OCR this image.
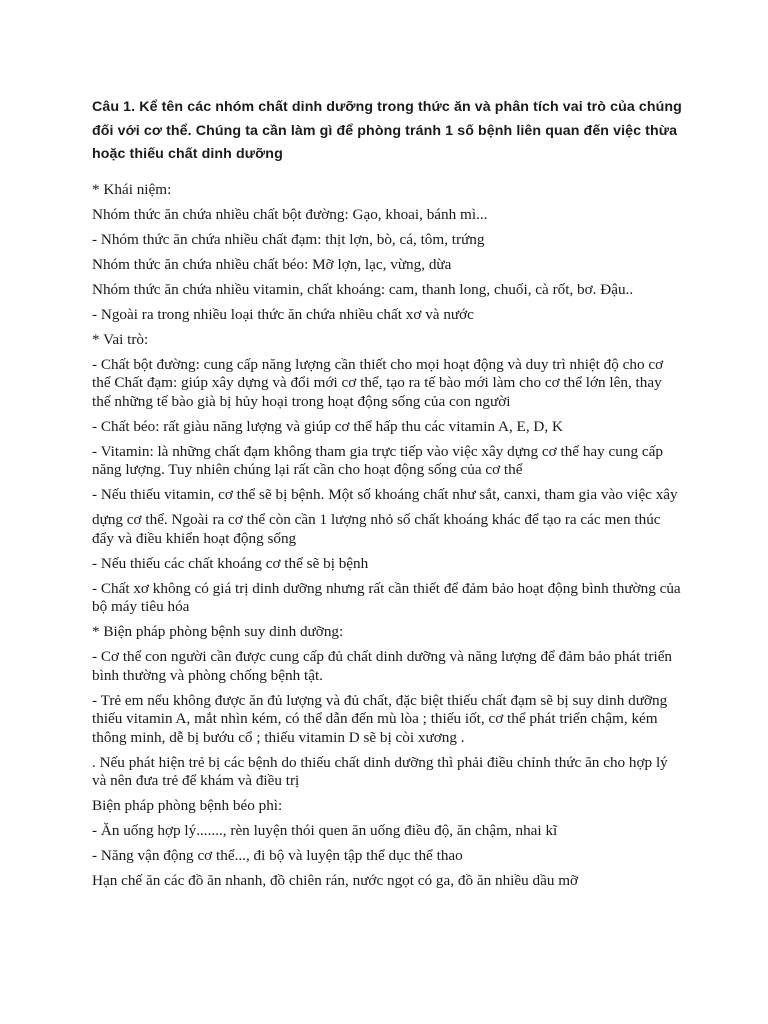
Câu 1. Kể tên các nhóm chất dinh dưỡng trong thức ăn và phân tích vai trò của chúng đối với cơ thể. Chúng ta cần làm gì để phòng tránh 1 số bệnh liên quan đến việc thừa hoặc thiếu chất dinh dưỡng

* Khái niệm:

Nhóm thức ăn chứa nhiều chất bột đường: Gạo, khoai, bánh mì...

- Nhóm thức ăn chứa nhiều chất đạm: thịt lợn, bò, cá, tôm, trứng

Nhóm thức ăn chứa nhiều chất béo: Mỡ lợn, lạc, vừng, dừa

Nhóm thức ăn chứa nhiều vitamin, chất khoáng: cam, thanh long, chuối, cà rốt, bơ. Đậu..

- Ngoài ra trong nhiều loại thức ăn chứa nhiều chất xơ và nước

* Vai trò:

- Chất bột đường: cung cấp năng lượng cần thiết cho mọi hoạt động và duy trì nhiệt độ cho cơ thể Chất đạm: giúp xây dựng và đổi mới cơ thể, tạo ra tế bào mới làm cho cơ thể lớn lên, thay thế những tế bào già bị hủy hoại trong hoạt động sống của con người

- Chất béo: rất giàu năng lượng và giúp cơ thể hấp thu các vitamin A, E, D, K

- Vitamin: là những chất đạm không tham gia trực tiếp vào việc xây dựng cơ thể hay cung cấp năng lượng. Tuy nhiên chúng lại rất cần cho hoạt động sống của cơ thể

- Nếu thiếu vitamin, cơ thể sẽ bị bệnh. Một số khoáng chất như sắt, canxi, tham gia vào việc xây

dựng cơ thể. Ngoài ra cơ thể còn cần 1 lượng nhỏ số chất khoáng khác để tạo ra các men thúc đẩy và điều khiển hoạt động sống

- Nếu thiếu các chất khoáng cơ thể sẽ bị bệnh

- Chất xơ không có giá trị dinh dưỡng nhưng rất cần thiết để đảm bảo hoạt động bình thường của bộ máy tiêu hóa

* Biện pháp phòng bệnh suy dinh dưỡng:

- Cơ thể con người cần được cung cấp đủ chất dinh dưỡng và năng lượng để đảm bảo phát triển bình thường và phòng chống bệnh tật.

- Trẻ em nếu không được ăn đủ lượng và đủ chất, đặc biệt thiếu chất đạm sẽ bị suy dinh dưỡng thiếu vitamin A, mắt nhìn kém, có thể dẫn đến mù lòa ; thiếu iốt, cơ thể phát triển chậm, kém thông minh, dễ bị bướu cổ ; thiếu vitamin D sẽ bị còi xương .

. Nếu phát hiện trẻ bị các bệnh do thiếu chất dinh dưỡng thì phải điều chỉnh thức ăn cho hợp lý và nên đưa trẻ để khám và điều trị

Biện pháp phòng bệnh béo phì:

- Ăn uống hợp lý......., rèn luyện thói quen ăn uống điều độ, ăn chậm, nhai kĩ

- Năng vận động cơ thể..., đi bộ và luyện tập thể dục thể thao

Hạn chế ăn các đồ ăn nhanh, đồ chiên rán, nước ngọt có ga, đồ ăn nhiều dầu mỡ
